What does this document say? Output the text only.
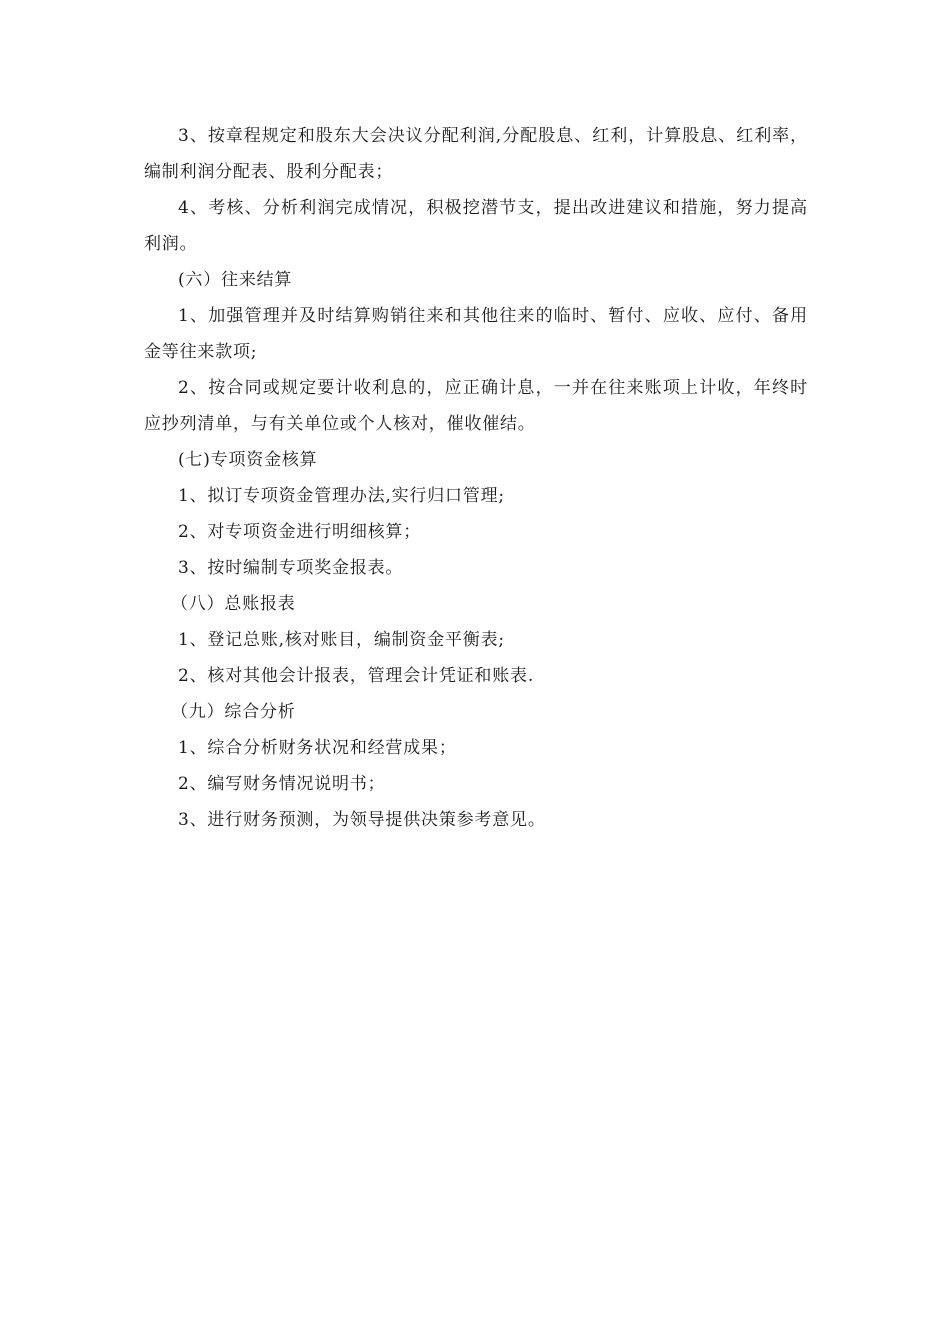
3、按章程规定和股东大会决议分配利润,分配股息、红利，计算股息、红利率，编制利润分配表、股利分配表；

4、考核、分析利润完成情况，积极挖潜节支，提出改进建议和措施，努力提高利润。

(六）往来结算

1、加强管理并及时结算购销往来和其他往来的临时、暂付、应收、应付、备用金等往来款项;

2、按合同或规定要计收利息的，应正确计息，一并在往来账项上计收，年终时应抄列清单，与有关单位或个人核对，催收催结。

(七)专项资金核算

1、拟订专项资金管理办法,实行归口管理;

2、对专项资金进行明细核算；

3、按时编制专项奖金报表。

（八）总账报表

1、登记总账,核对账目，编制资金平衡表;

2、核对其他会计报表，管理会计凭证和账表.

（九）综合分析

1、综合分析财务状况和经营成果；

2、编写财务情况说明书；

3、进行财务预测，为领导提供决策参考意见。
